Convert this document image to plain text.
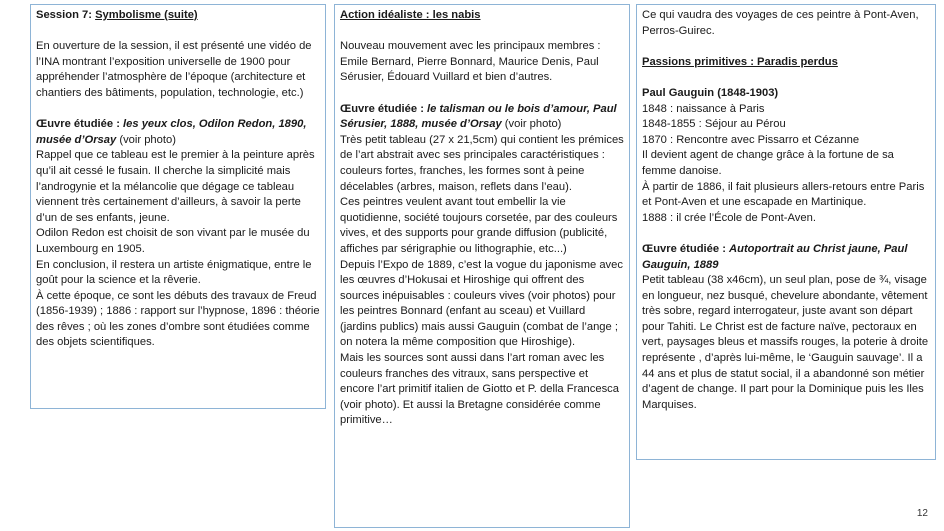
Session 7: Symbolisme (suite)

En ouverture de la session, il est présenté une vidéo de l’INA montrant l’exposition universelle de 1900 pour appréhender l’atmosphère de l’époque (architecture et chantiers des bâtiments, population, technologie, etc.)

Œuvre étudiée : les yeux clos, Odilon Redon, 1890, musée d’Orsay (voir photo)

Rappel que ce tableau est le premier à la peinture après qu’il ait cessé le fusain. Il cherche la simplicité mais l’androgynie et la mélancolie que dégage ce tableau viennent très certainement d’ailleurs, à savoir la perte d’un de ses enfants, jeune.

Odilon Redon est choisit de son vivant par le musée du Luxembourg en 1905.

En conclusion, il restera un artiste énigmatique, entre le goût pour la science et la rêverie.

À cette époque, ce sont les débuts des travaux de Freud (1856-1939) ; 1886 : rapport sur l’hypnose, 1896 : théorie des rêves ; où les zones d’ombre sont étudiées comme des objets scientifiques.

Action idéaliste : les nabis

Nouveau mouvement avec les principaux membres : Emile Bernard, Pierre Bonnard, Maurice Denis, Paul Sérusier, Édouard Vuillard et bien d’autres.

Œuvre étudiée : le talisman ou le bois d’amour, Paul Sérusier, 1888, musée d’Orsay (voir photo)

Très petit tableau (27 x 21,5cm) qui contient les prémices de l’art abstrait avec ses principales caractéristiques : couleurs fortes, franches, les formes sont à peine décelables (arbres, maison, reflets dans l’eau).

Ces peintres veulent avant tout embellir la vie quotidienne, société toujours corsetée, par des couleurs vives, et des supports pour grande diffusion (publicité, affiches par sérigraphie ou lithographie, etc...)

Depuis l’Expo de 1889, c’est la vogue du japonisme avec les œuvres d’Hokusai et Hiroshige qui offrent des sources inépuisables : couleurs vives (voir photos) pour les peintres Bonnard (enfant au sceau) et Vuillard (jardins publics) mais aussi Gauguin (combat de l’ange ; on notera la même composition que Hiroshige).

Mais les sources sont aussi dans l’art roman avec les couleurs franches des vitraux, sans perspective et encore l’art primitif italien de Giotto et P. della Francesca (voir photo). Et aussi la Bretagne considérée comme primitive…

Ce qui vaudra des voyages de ces peintre à Pont-Aven, Perros-Guirec.

Passions primitives : Paradis perdus

Paul Gauguin (1848-1903)

1848 : naissance à Paris

1848-1855 : Séjour au Pérou

1870 : Rencontre avec Pissarro et Cézanne

Il devient agent de change grâce à la fortune de sa femme danoise.

À partir de 1886, il fait plusieurs allers-retours entre Paris et Pont-Aven et une escapade en Martinique.

1888 : il crée l’École de Pont-Aven.

Œuvre étudiée : Autoportrait au Christ jaune, Paul Gauguin, 1889

Petit tableau (38 x46cm), un seul plan, pose de ¾, visage en longueur, nez busqué, chevelure abondante, vêtement très sobre, regard interrogateur, juste avant son départ pour Tahiti. Le Christ est de facture naïve, pectoraux en vert, paysages bleus et massifs rouges, la poterie à droite représente , d’après lui-même, le ‘Gauguin sauvage’. Il a 44 ans et plus de statut social, il a abandonné son métier d’agent de change. Il part pour la Dominique puis les Iles Marquises.

12
